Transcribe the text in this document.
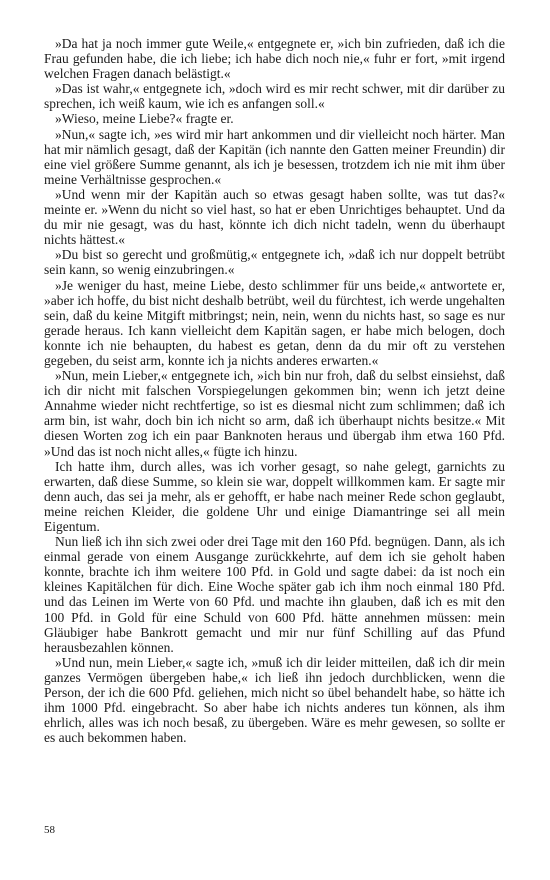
»Da hat ja noch immer gute Weile,« entgegnete er, »ich bin zufrieden, daß ich die Frau gefunden habe, die ich liebe; ich habe dich noch nie,« fuhr er fort, »mit irgend welchen Fragen danach belästigt.«

»Das ist wahr,« entgegnete ich, »doch wird es mir recht schwer, mit dir darüber zu sprechen, ich weiß kaum, wie ich es anfangen soll.«

»Wieso, meine Liebe?« fragte er.

»Nun,« sagte ich, »es wird mir hart ankommen und dir vielleicht noch härter. Man hat mir nämlich gesagt, daß der Kapitän (ich nannte den Gatten meiner Freundin) dir eine viel größere Summe genannt, als ich je besessen, trotzdem ich nie mit ihm über meine Verhältnisse gesprochen.«

»Und wenn mir der Kapitän auch so etwas gesagt haben sollte, was tut das?« meinte er. »Wenn du nicht so viel hast, so hat er eben Unrichtiges behauptet. Und da du mir nie gesagt, was du hast, könnte ich dich nicht tadeln, wenn du überhaupt nichts hättest.«

»Du bist so gerecht und großmütig,« entgegnete ich, »daß ich nur doppelt betrübt sein kann, so wenig einzubringen.«

»Je weniger du hast, meine Liebe, desto schlimmer für uns beide,« antwortete er, »aber ich hoffe, du bist nicht deshalb betrübt, weil du fürchtest, ich werde ungehalten sein, daß du keine Mitgift mitbringst; nein, nein, wenn du nichts hast, so sage es nur gerade heraus. Ich kann vielleicht dem Kapitän sagen, er habe mich belogen, doch konnte ich nie behaupten, du habest es getan, denn da du mir oft zu verstehen gegeben, du seist arm, konnte ich ja nichts anderes erwarten.«

»Nun, mein Lieber,« entgegnete ich, »ich bin nur froh, daß du selbst einsiehst, daß ich dir nicht mit falschen Vorspiegelungen gekommen bin; wenn ich jetzt deine Annahme wieder nicht rechtfertige, so ist es diesmal nicht zum schlimmen; daß ich arm bin, ist wahr, doch bin ich nicht so arm, daß ich überhaupt nichts besitze.« Mit diesen Worten zog ich ein paar Banknoten heraus und übergab ihm etwa 160 Pfd. »Und das ist noch nicht alles,« fügte ich hinzu.

Ich hatte ihm, durch alles, was ich vorher gesagt, so nahe gelegt, garnichts zu erwarten, daß diese Summe, so klein sie war, doppelt willkommen kam. Er sagte mir denn auch, das sei ja mehr, als er gehofft, er habe nach meiner Rede schon geglaubt, meine reichen Kleider, die goldene Uhr und einige Diamantringe sei all mein Eigentum.

Nun ließ ich ihn sich zwei oder drei Tage mit den 160 Pfd. begnügen. Dann, als ich einmal gerade von einem Ausgange zurückkehrte, auf dem ich sie geholt haben konnte, brachte ich ihm weitere 100 Pfd. in Gold und sagte dabei: da ist noch ein kleines Kapitälchen für dich. Eine Woche später gab ich ihm noch einmal 180 Pfd. und das Leinen im Werte von 60 Pfd. und machte ihn glauben, daß ich es mit den 100 Pfd. in Gold für eine Schuld von 600 Pfd. hätte annehmen müssen: mein Gläubiger habe Bankrott gemacht und mir nur fünf Schilling auf das Pfund herausbezahlen können.

»Und nun, mein Lieber,« sagte ich, »muß ich dir leider mitteilen, daß ich dir mein ganzes Vermögen übergeben habe,« ich ließ ihn jedoch durchblicken, wenn die Person, der ich die 600 Pfd. geliehen, mich nicht so übel behandelt habe, so hätte ich ihm 1000 Pfd. eingebracht. So aber habe ich nichts anderes tun können, als ihm ehrlich, alles was ich noch besaß, zu übergeben. Wäre es mehr gewesen, so sollte er es auch bekommen haben.

58
